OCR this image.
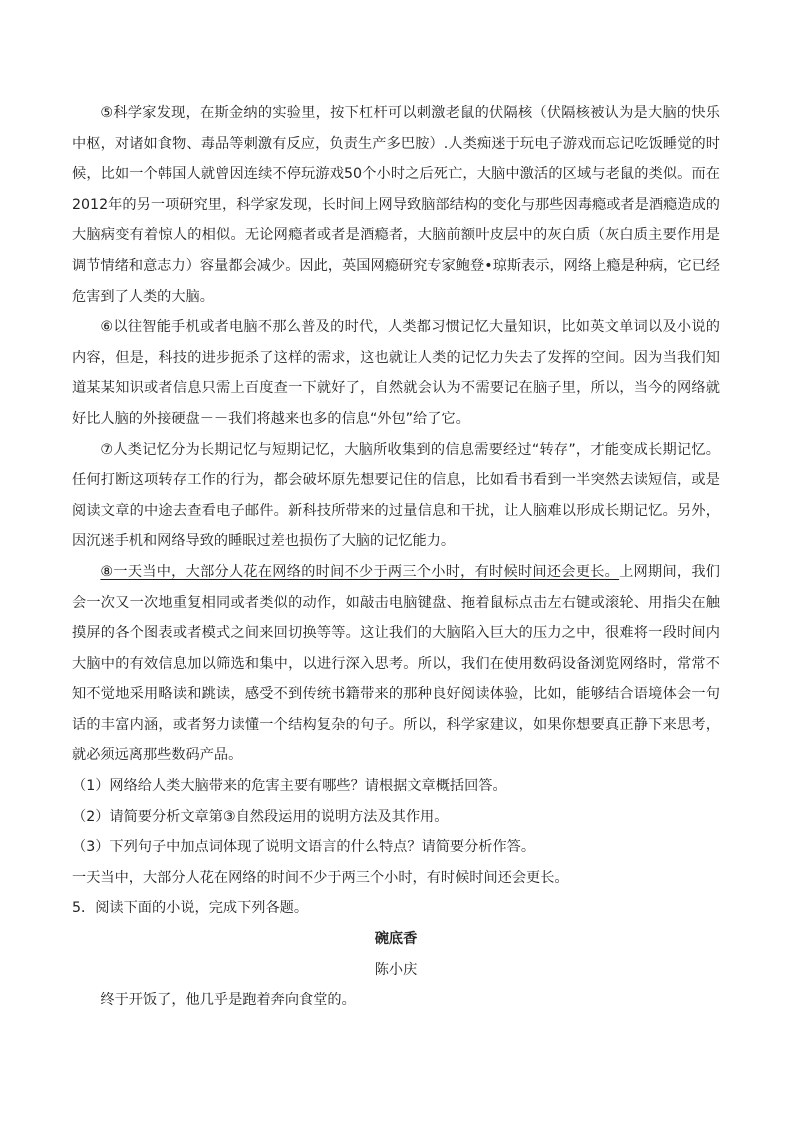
⑤科学家发现，在斯金纳的实验里，按下杠杆可以刺激老鼠的伏隔核（伏隔核被认为是大脑的快乐中枢，对诸如食物、毒品等刺激有反应，负责生产多巴胺）.人类痴迷于玩电子游戏而忘记吃饭睡觉的时候，比如一个韩国人就曾因连续不停玩游戏50个小时之后死亡，大脑中激活的区域与老鼠的类似。而在2012年的另一项研究里，科学家发现，长时间上网导致脑部结构的变化与那些因毒瘾或者是酒瘾造成的大脑病变有着惊人的相似。无论网瘾者或者是酒瘾者，大脑前额叶皮层中的灰白质（灰白质主要作用是调节情绪和意志力）容量都会减少。因此，英国网瘾研究专家鲍登•琼斯表示，网络上瘾是种病，它已经危害到了人类的大脑。

⑥以往智能手机或者电脑不那么普及的时代，人类都习惯记忆大量知识，比如英文单词以及小说的内容，但是，科技的进步扼杀了这样的需求，这也就让人类的记忆力失去了发挥的空间。因为当我们知道某某知识或者信息只需上百度查一下就好了，自然就会认为不需要记在脑子里，所以，当今的网络就好比人脑的外接硬盘－－我们将越来也多的信息“外包”给了它。

⑦人类记忆分为长期记忆与短期记忆，大脑所收集到的信息需要经过“转存”，才能变成长期记忆。任何打断这项转存工作的行为，都会破坏原先想要记住的信息，比如看书看到一半突然去读短信，或是阅读文章的中途去查看电子邮件。新科技所带来的过量信息和干扰，让人脑难以形成长期记忆。另外，因沉迷手机和网络导致的睡眠过差也损伤了大脑的记忆能力。

⑧一天当中，大部分人花在网络的时间不少于两三个小时，有时候时间还会更长。上网期间，我们会一次又一次地重复相同或者类似的动作，如敲击电脑键盘、拖着鼠标点击左右键或滚轮、用指尖在触摸屏的各个图表或者模式之间来回切换等等。这让我们的大脑陷入巨大的压力之中，很难将一段时间内大脑中的有效信息加以筛选和集中，以进行深入思考。所以，我们在使用数码设备浏览网络时，常常不知不觉地采用略读和跳读，感受不到传统书籍带来的那种良好阅读体验，比如，能够结合语境体会一句话的丰富内涵，或者努力读懂一个结构复杂的句子。所以，科学家建议，如果你想要真正静下来思考，就必须远离那些数码产品。

（1）网络给人类大脑带来的危害主要有哪些？请根据文章概括回答。

（2）请简要分析文章第③自然段运用的说明方法及其作用。

（3）下列句子中加点词体现了说明文语言的什么特点？请简要分析作答。

一天当中，大部分人花在网络的时间不少于两三个小时，有时候时间还会更长。

5．阅读下面的小说，完成下列各题。

碗底香

陈小庆

终于开饭了，他几乎是跑着奔向食堂的。
